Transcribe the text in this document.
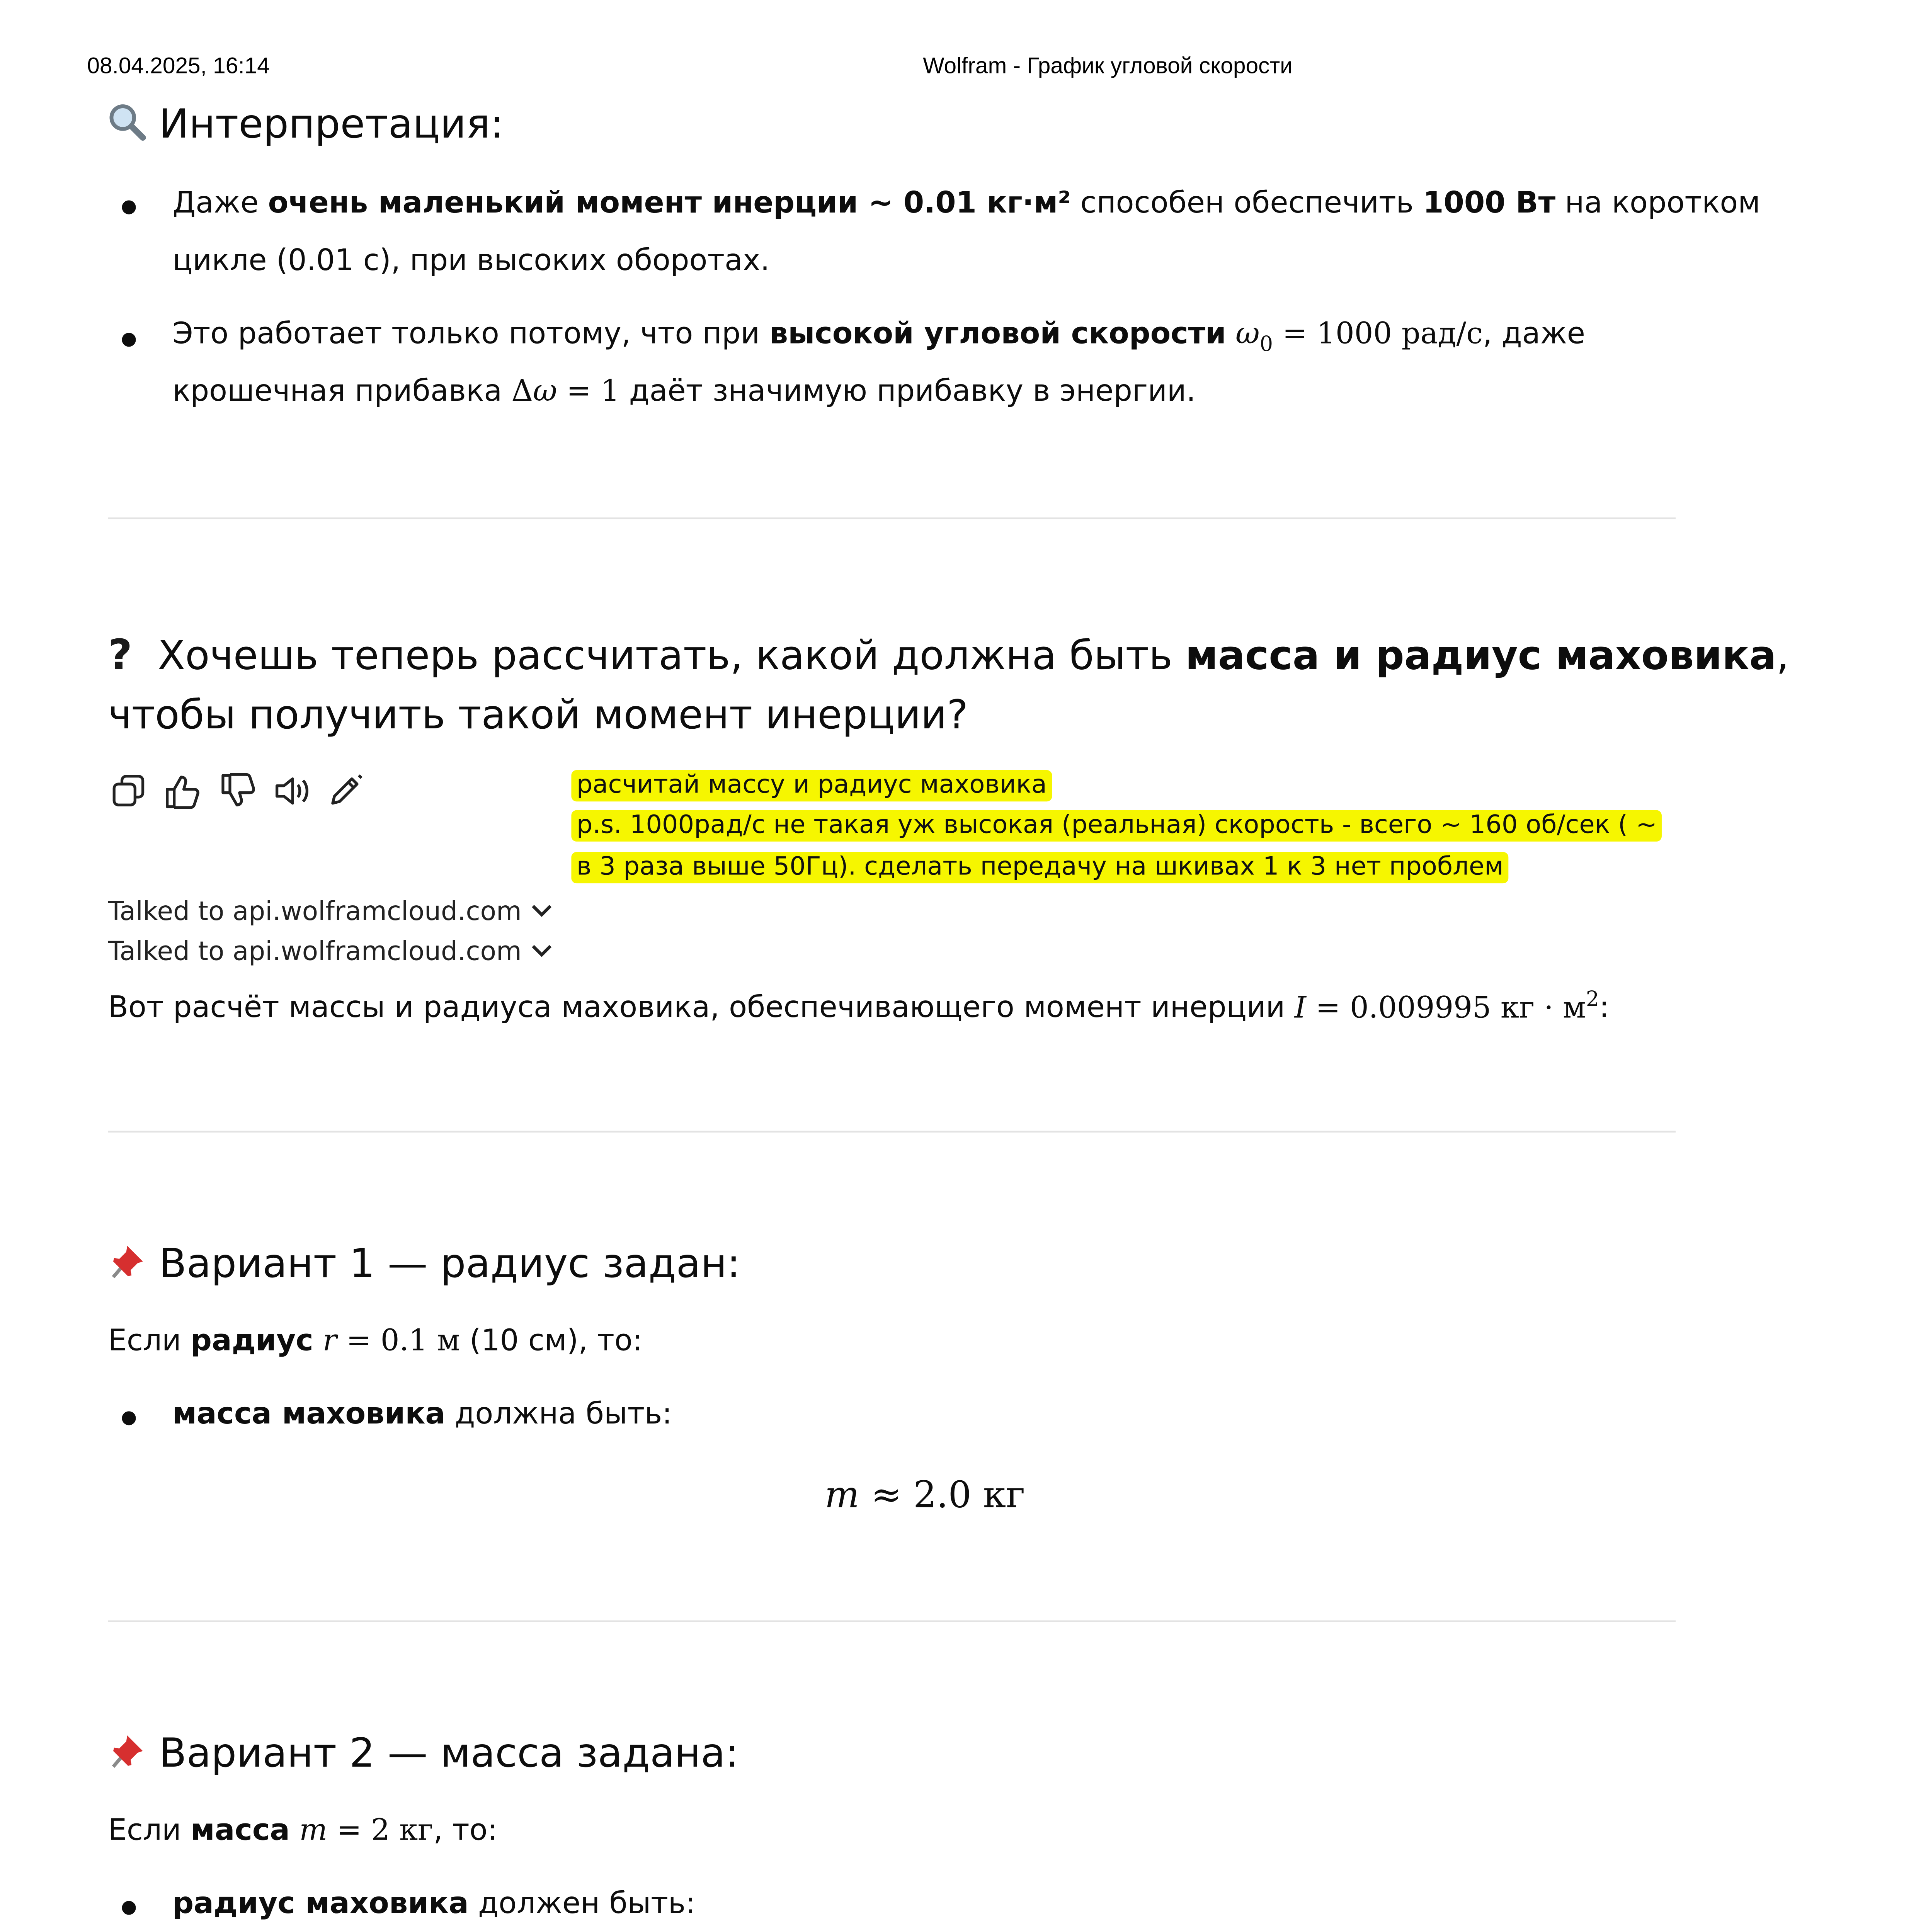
08.04.2025, 16:14	Wolfram - График угловой скорости
Интерпретация:
Даже очень маленький момент инерции ~ 0.01 кг·м² способен обеспечить 1000 Вт на коротком
цикле (0.01 с), при высоких оборотах.
Это работает только потому, что при высокой угловой скорости $\omega_0 = 1000$ рад/с, даже
крошечная прибавка Δω = 1 даёт значимую прибавку в энергии.
?	Хочешь теперь рассчитать, какой должна быть масса и радиус маховика,
чтобы получить такой момент инерции?

расчитай массу и радиус маховика
p.s. 1000рад/с не такая уж высокая (реальная) скорость - всего ~ 160 об/сек ( ~
в 3 раза выше 50Гц). сделать передачу на шкивах 1 к 3 нет проблем
Talked to api.wolframcloud.com
Talked to api.wolframcloud.com
Вот расчёт массы и радиуса маховика, обеспечивающего момент инерции I = 0.009995 кг · $м^2$:
Вариант 1 — радиус задан:
Если радиус r = 0.1 м (10 см), то:
масса маховика должна быть:
m ≈ 2.0 кг
Вариант 2 — масса задана:
Если масса m = 2 кг, то:
радиус маховика должен быть:
